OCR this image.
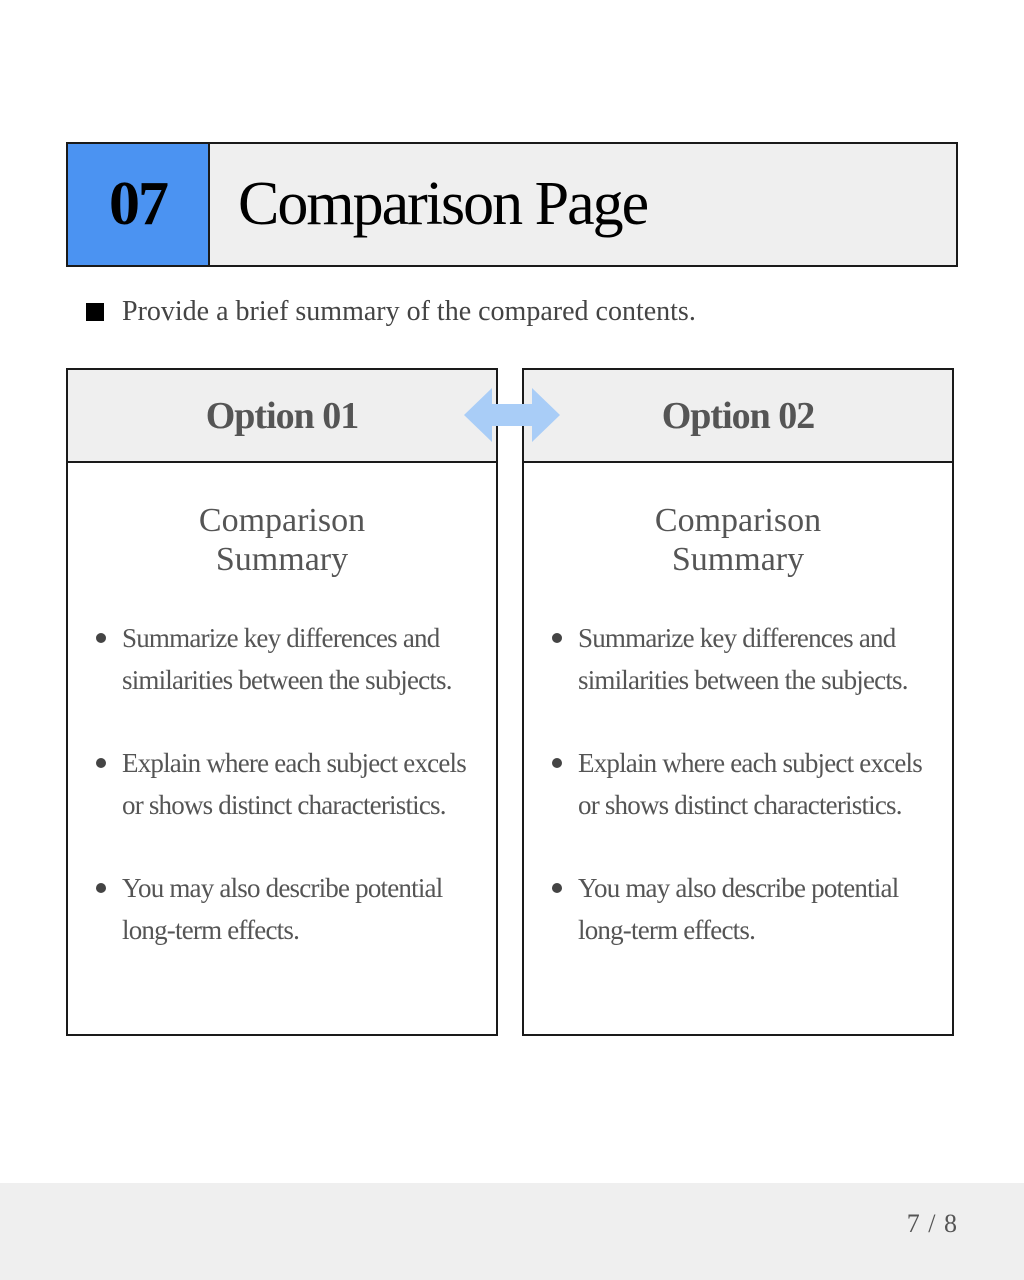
07	Comparison Page
Provide a brief summary of the compared contents.
Option 01
Comparison Summary
Summarize key differences and similarities between the subjects.
Explain where each subject excels or shows distinct characteristics.
You may also describe potential long-term effects.
Option 02
Comparison Summary
Summarize key differences and similarities between the subjects.
Explain where each subject excels or shows distinct characteristics.
You may also describe potential long-term effects.
7 / 8
